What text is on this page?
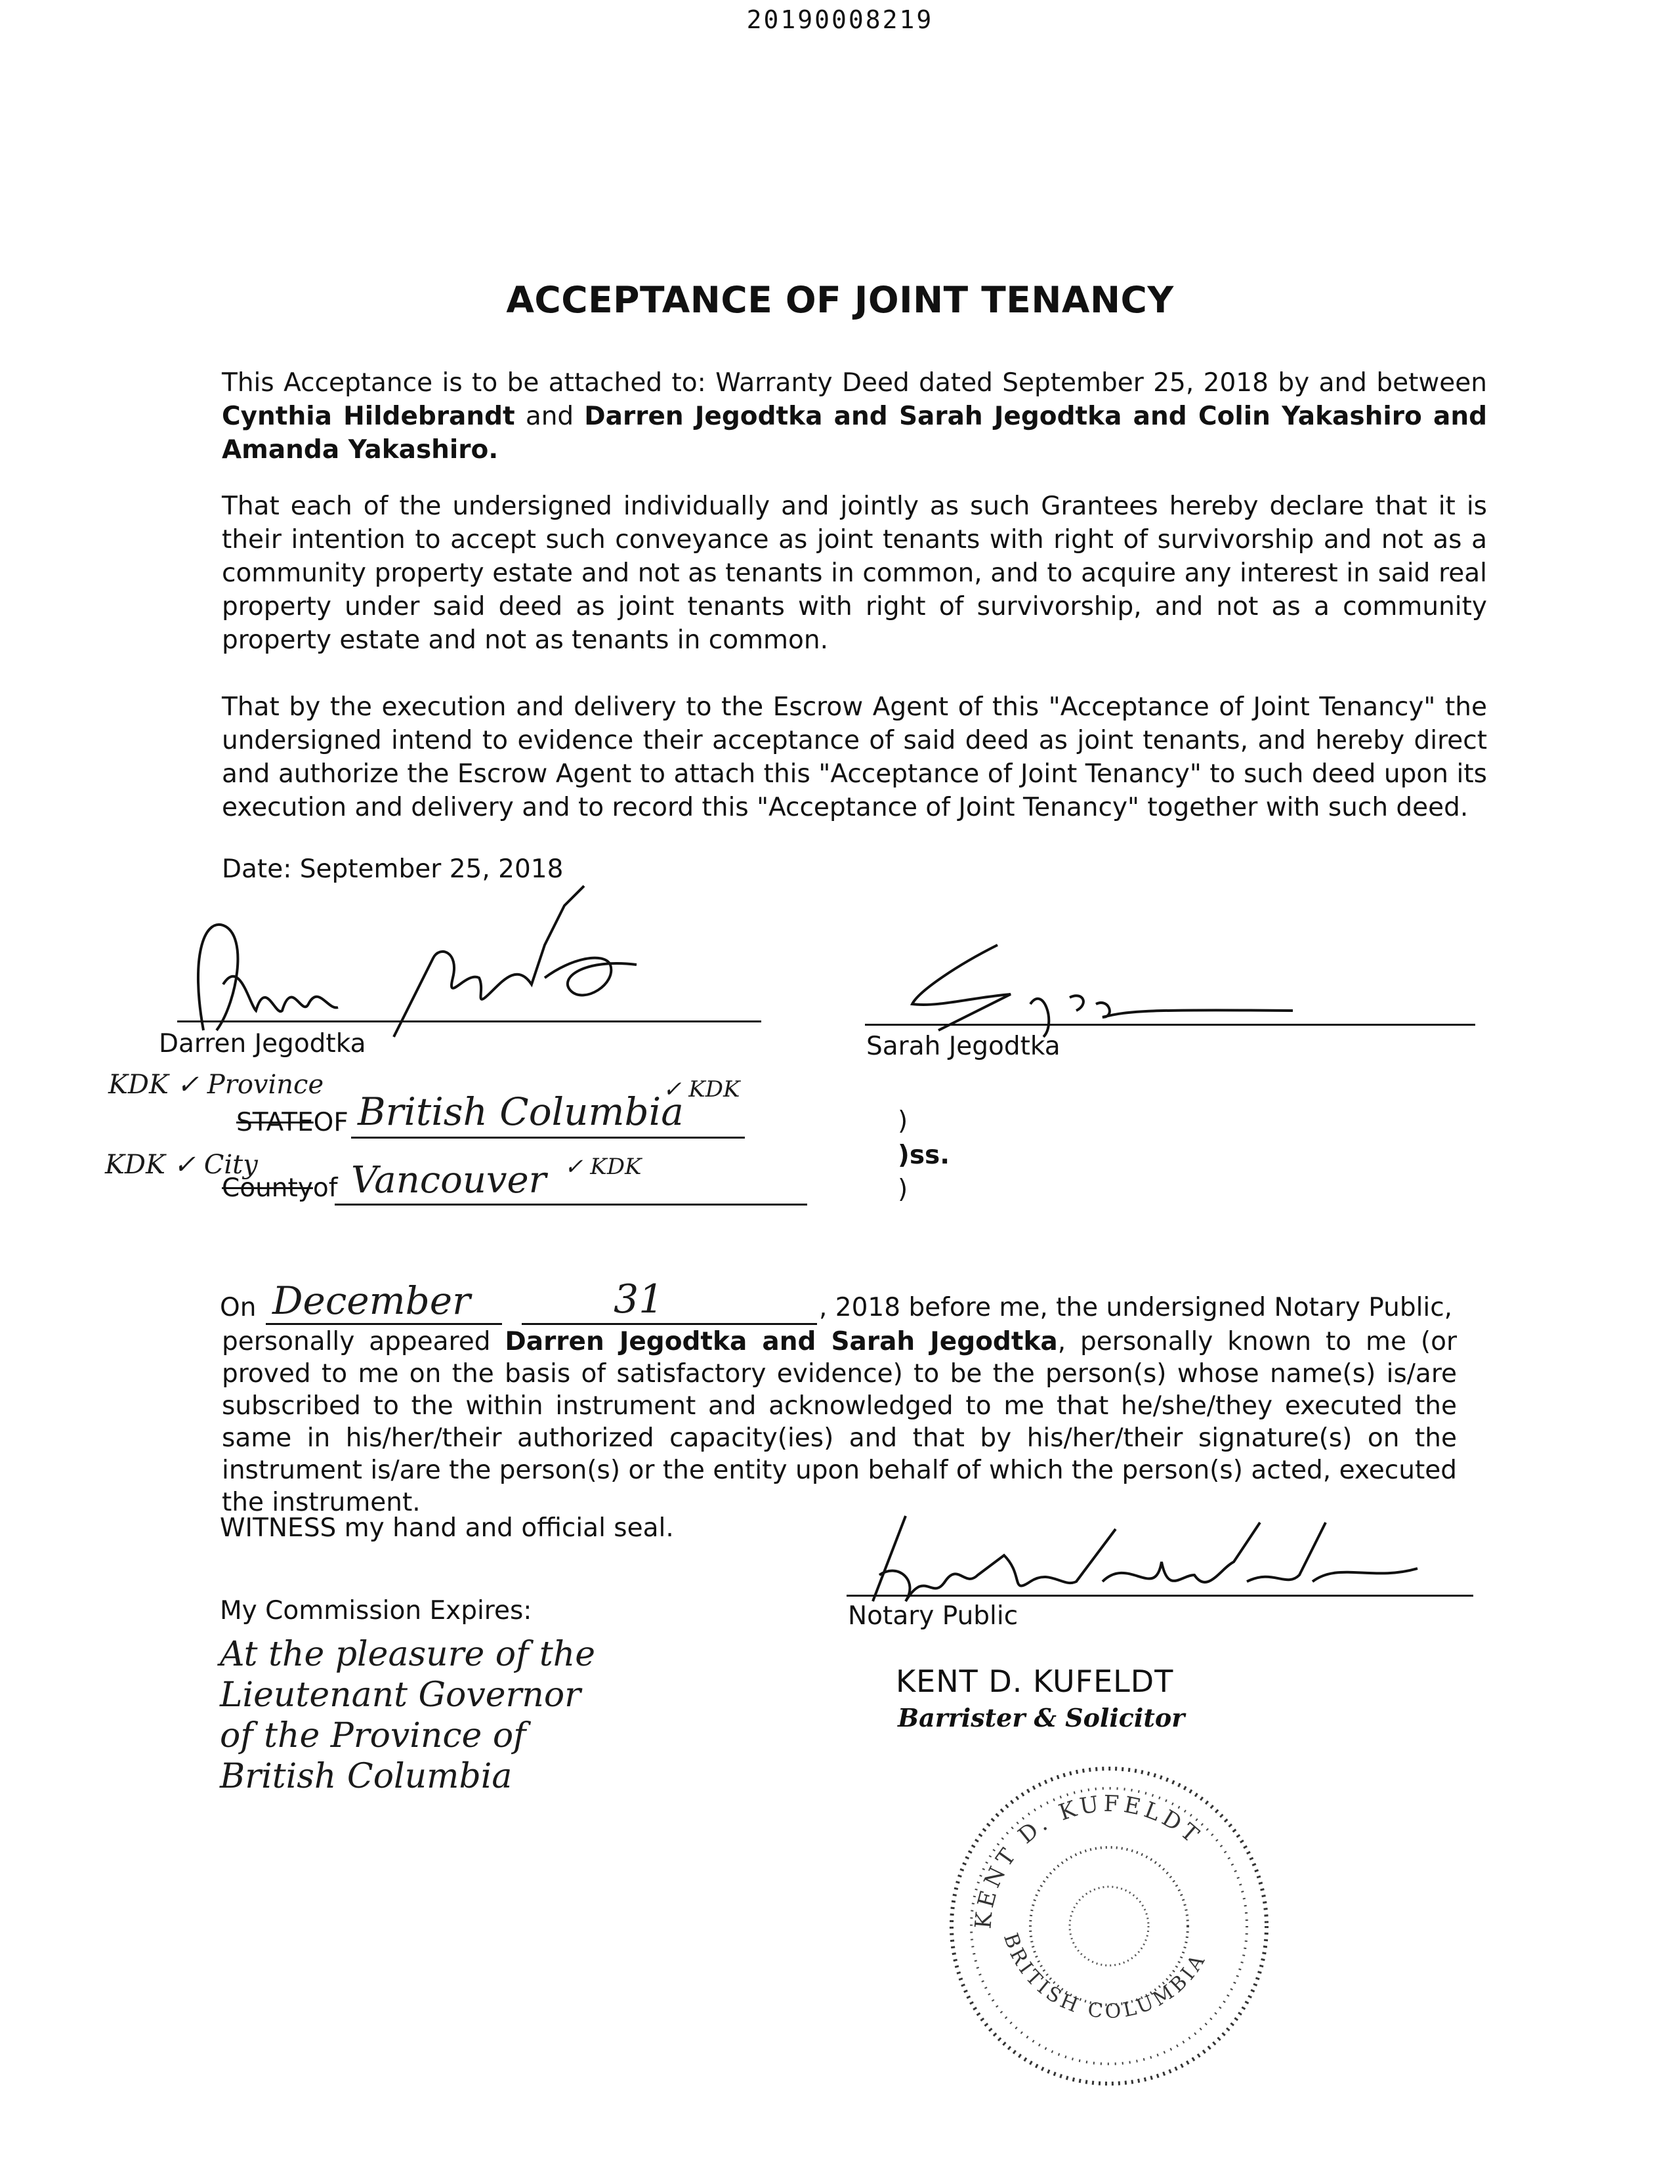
20190008219
ACCEPTANCE OF JOINT TENANCY

This Acceptance is to be attached to: Warranty Deed dated September 25, 2018 by and between Cynthia Hildebrandt and Darren Jegodtka and Sarah Jegodtka and Colin Yakashiro and Amanda Yakashiro.

That each of the undersigned individually and jointly as such Grantees hereby declare that it is their intention to accept such conveyance as joint tenants with right of survivorship and not as a community property estate and not as tenants in common, and to acquire any interest in said real property under said deed as joint tenants with right of survivorship, and not as a community property estate and not as tenants in common.

That by the execution and delivery to the Escrow Agent of this "Acceptance of Joint Tenancy" the undersigned intend to evidence their acceptance of said deed as joint tenants, and hereby direct and authorize the Escrow Agent to attach this "Acceptance of Joint Tenancy" to such deed upon its execution and delivery and to record this "Acceptance of Joint Tenancy" together with such deed.

Date: September 25, 2018
Darren Jegodtka	Sarah Jegodtka
KDK ✓ Province
STATEOF British Columbia
✓ KDK
KDK ✓ City
Countyof Vancouver ✓ KDK
)
)ss.
)
On December	31	, 2018 before me, the undersigned Notary Public,

personally appeared Darren Jegodtka and Sarah Jegodtka, personally known to me (or proved to me on the basis of satisfactory evidence) to be the person(s) whose name(s) is/are subscribed to the within instrument and acknowledged to me that he/she/they executed the same in his/her/their authorized capacity(ies) and that by his/her/their signature(s) on the instrument is/are the person(s) or the entity upon behalf of which the person(s) acted, executed the instrument.

WITNESS my hand and official seal.
My Commission Expires:
At the pleasure of the
Lieutenant Governor
of the Province of
British Columbia
Notary Public
KENT D. KUFELDT
Barrister & Solicitor
KENT D. KUFELDT
BRITISH COLUMBIA
